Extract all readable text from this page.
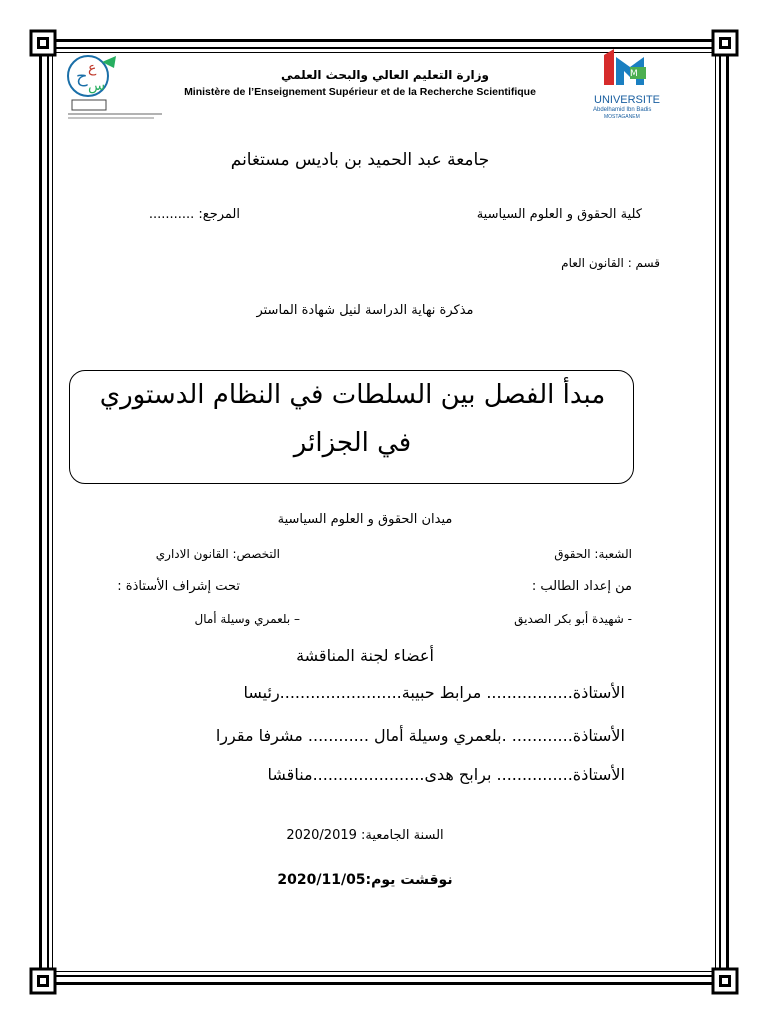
ح ع
س
M
UNIVERSITE
Abdelhamid Ibn Badis
MOSTAGANEM
وزارة التعليم العالي والبحث العلمي
Ministère de l’Enseignement Supérieur et de la Recherche Scientifique
جامعة عبد الحميد بن باديس مستغانم
كلية الحقوق و العلوم السياسية
المرجع: ...........
قسم : القانون العام
مذكرة نهاية الدراسة لنيل شهادة الماستر
مبدأ الفصل بين السلطات في النظام الدستوري
في الجزائر
ميدان الحقوق و العلوم السياسية
الشعبة: الحقوق
التخصص: القانون الاداري
من إعداد الطالب :
تحت إشراف الأستاذة :
- شهيدة أبو بكر الصديق
– بلعمري وسيلة أمال
أعضاء لجنة المناقشة
الأستاذة................. مرابط حبيبة........................رئيسا
الأستاذة............ .بلعمري وسيلة أمال ............ مشرفا مقررا
الأستاذة............... برابح هدى......................مناقشا
السنة الجامعية: 2020/2019
نوقشت يوم:2020/11/05
